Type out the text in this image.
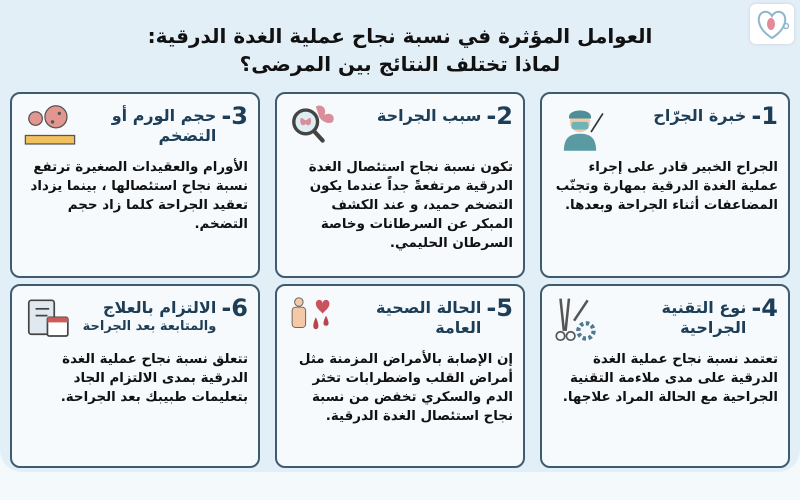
العوامل المؤثرة في نسبة نجاح عملية الغدة الدرقية:
لماذا تختلف النتائج بين المرضى؟
1-
خبرة الجرّاح
الجراح الخبير قادر على إجراء عملية الغدة الدرقية بمهارة وتجنّب المضاعفات أثناء الجراحة وبعدها.
2-
سبب الجراحة
تكون نسبة نجاح استئصال الغدة الدرقية مرتفعةً جداً عندما يكون التضخم حميد، و عند الكشف المبكر عن السرطانات وخاصة السرطان الحليمي.
3-
حجم الورم أو التضخم
الأورام والعقيدات الصغيرة ترتفع نسبة نجاح استئصالها ، بينما يزداد تعقيد الجراحة كلما زاد حجم التضخم.
4-
نوع التقنية الجراحية
تعتمد نسبة نجاح عملية الغدة الدرقية على مدى ملاءمة التقنية الجراحية مع الحالة المراد علاجها.
5-
الحالة الصحية العامة
إن الإصابة بالأمراض المزمنة مثل أمراض القلب واضطرابات تخثر الدم والسكري تخفض من نسبة نجاح استئصال الغدة الدرقية.
6-
الالتزام بالعلاج
والمتابعة بعد الجراحة
تتعلق نسبة نجاح عملية الغدة الدرقية بمدى الالتزام الجاد بتعليمات طبيبك بعد الجراحة.
